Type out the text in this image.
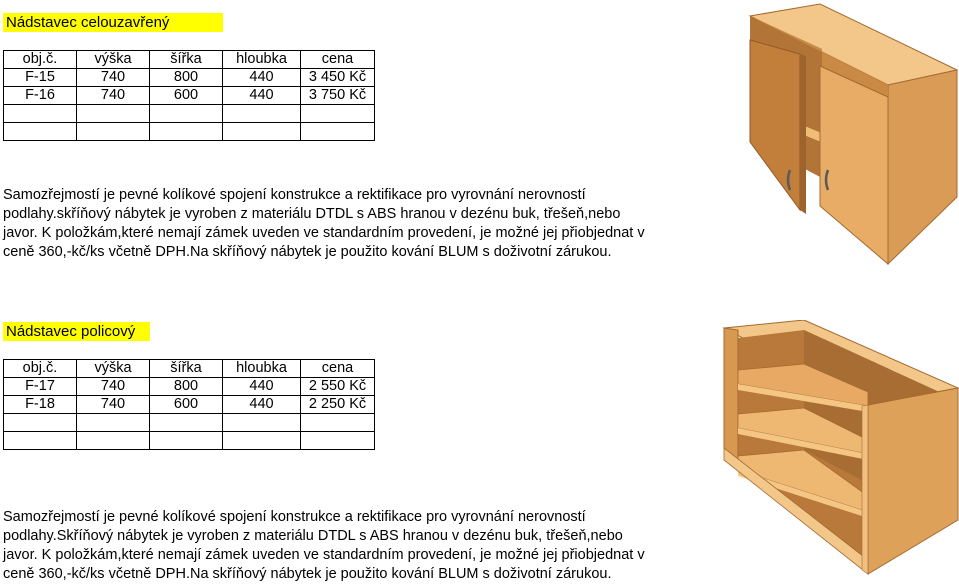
Nádstavec celouzavřený
obj.č.	výška	šířka	hloubka	cena
F-15	740	800	440	3 450 Kč
F-16	740	600	440	3 750 Kč

Samozřejmostí je pevné kolíkové spojení konstrukce a rektifikace pro vyrovnání nerovností podlahy.skříňový nábytek je vyroben z materiálu DTDL s ABS hranou v dezénu buk, třešeň,nebo javor. K položkám,které nemají zámek uveden ve standardním provedení, je možné jej přiobjednat v ceně 360,-kč/ks včetně DPH.Na skříňový nábytek je použito kování BLUM s doživotní zárukou.

Nádstavec policový
obj.č.	výška	šířka	hloubka	cena
F-17	740	800	440	2 550 Kč
F-18	740	600	440	2 250 Kč

Samozřejmostí je pevné kolíkové spojení konstrukce a rektifikace pro vyrovnání nerovností podlahy.Skříňový nábytek je vyroben z materiálu DTDL s ABS hranou v dezénu buk, třešeň,nebo javor. K položkám,které nemají zámek uveden ve standardním provedení, je možné jej přiobjednat v ceně 360,-kč/ks včetně DPH.Na skříňový nábytek je použito kování BLUM s doživotní zárukou.
